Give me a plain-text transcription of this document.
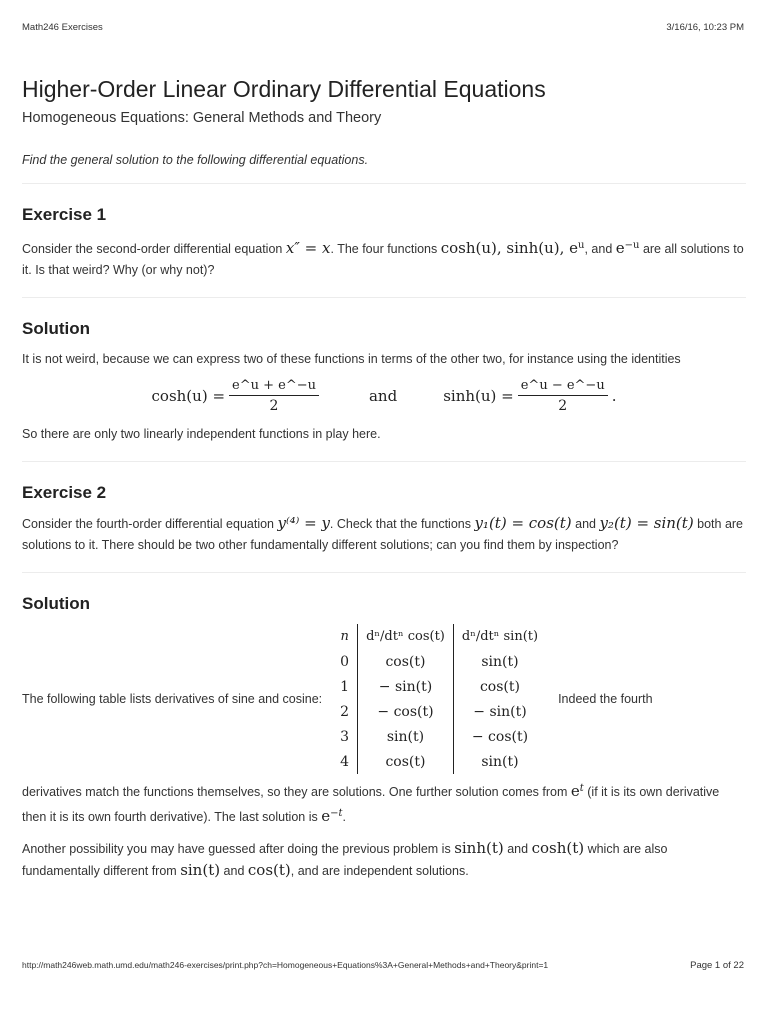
Math246 Exercises	3/16/16, 10:23 PM
Higher-Order Linear Ordinary Differential Equations
Homogeneous Equations: General Methods and Theory
Find the general solution to the following differential equations.
Exercise 1

Consider the second-order differential equation x″ = x. The four functions cosh(u), sinh(u), $e^u$, and $e^{-u}$ are all solutions to it. Is that weird? Why (or why not)?

Solution

It is not weird, because we can express two of these functions in terms of the other two, for instance using the identities

$\cosh(u) = \frac{e\^{}u + e\^{}-u}{2}$	and	$\sinh(u) = \frac{e\^{}u - e\^{}-u}{2}$ .

So there are only two linearly independent functions in play here.

Exercise 2

Consider the fourth-order differential equation y⁽⁴⁾ = y. Check that the functions y₁(t) = cos(t) and y₂(t) = sin(t) both are solutions to it. There should be two other fundamentally different solutions; can you find them by inspection?

Solution
The following table lists derivatives of sine and cosine:
n	dⁿ/dtⁿ cos(t)	dⁿ/dtⁿ sin(t)
0	cos(t)	sin(t)
1	− sin(t)	cos(t)
2	− cos(t)	− sin(t)
3	sin(t)	− cos(t)
4	cos(t)	sin(t)
Indeed the fourth

derivatives match the functions themselves, so they are solutions. One further solution comes from $e^t$ (if it is its own derivative then it is its own fourth derivative). The last solution is $e^{-t}$.

Another possibility you may have guessed after doing the previous problem is sinh(t) and cosh(t) which are also fundamentally different from sin(t) and cos(t), and are independent solutions.

http://math246web.math.umd.edu/math246-exercises/print.php?ch=Homogeneous+Equations%3A+General+Methods+and+Theory&print=1	Page 1 of 22
